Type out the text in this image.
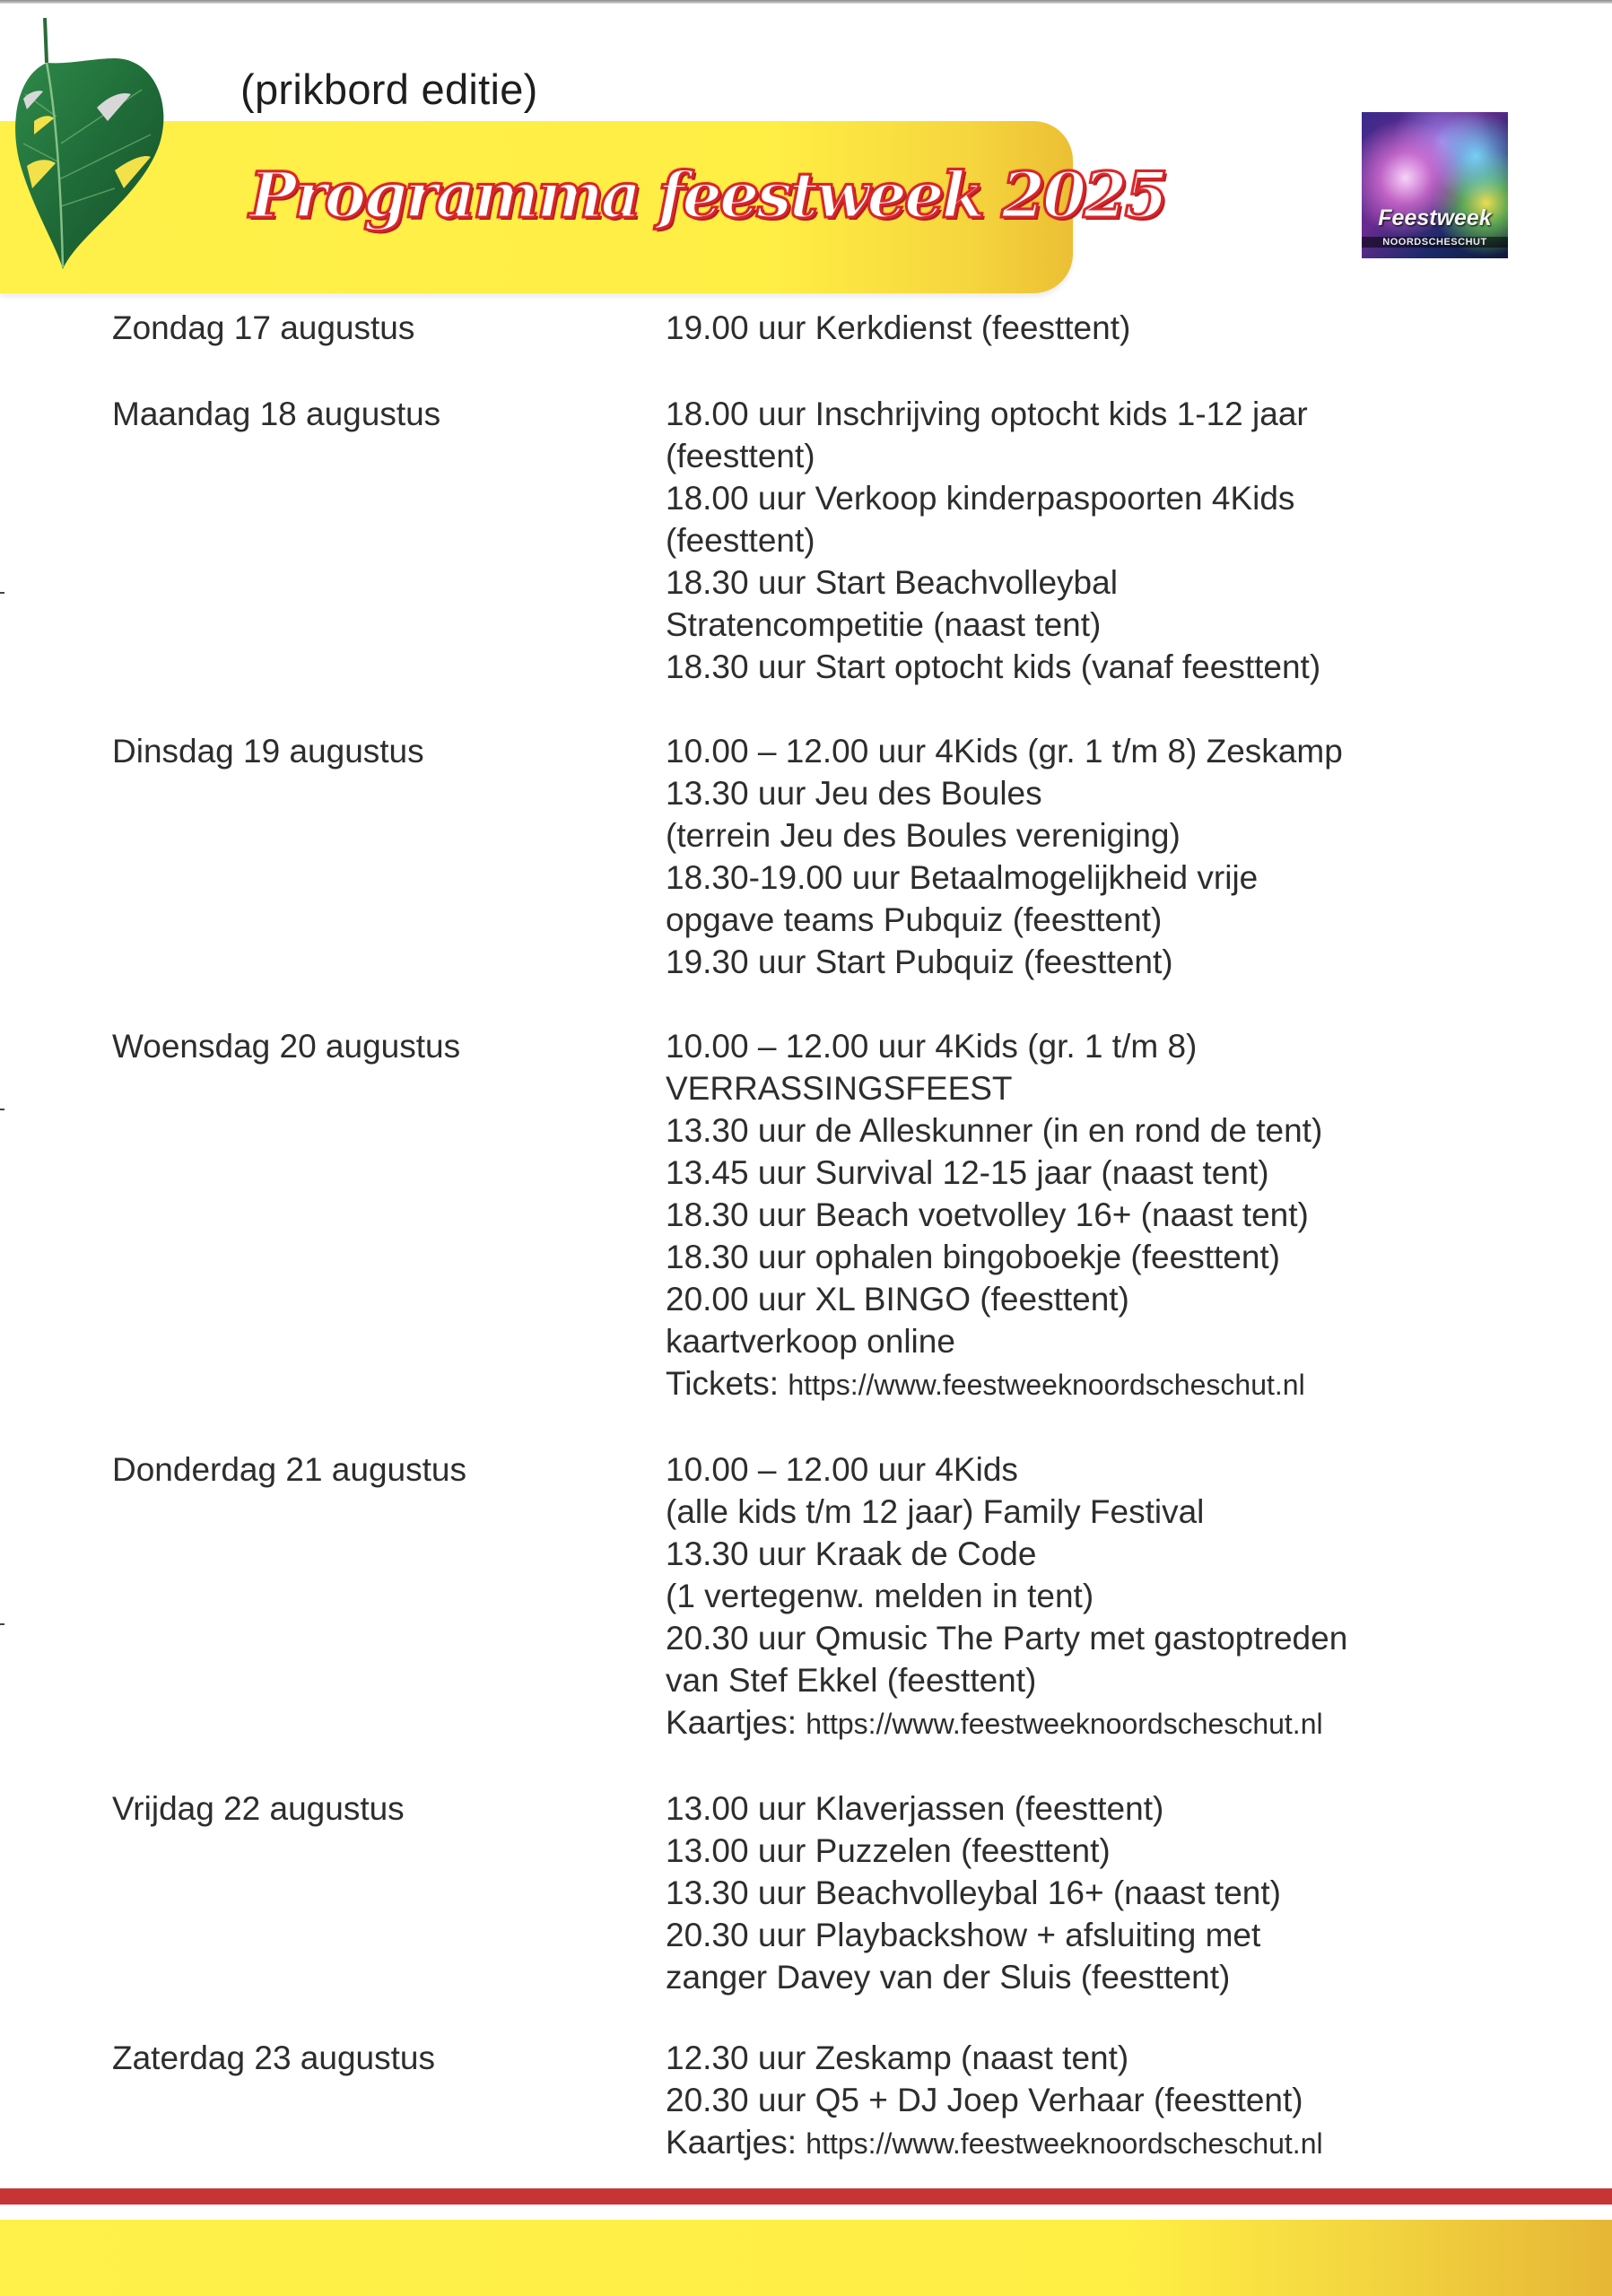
(prikbord editie)
Programma feestweek 2025	Feestweek
NOORDSCHESCHUT
Zondag 17 augustus	19.00 uur Kerkdienst (feesttent)
Maandag 18 augustus	18.00 uur Inschrijving optocht kids 1-12 jaar
(feesttent)
18.00 uur Verkoop kinderpaspoorten 4Kids
(feesttent)
18.30 uur Start Beachvolleybal
Stratencompetitie (naast tent)
18.30 uur Start optocht kids (vanaf feesttent)
Dinsdag 19 augustus	10.00 – 12.00 uur 4Kids (gr. 1 t/m 8) Zeskamp
13.30 uur Jeu des Boules
(terrein Jeu des Boules vereniging)
18.30-19.00 uur Betaalmogelijkheid vrije
opgave teams Pubquiz (feesttent)
19.30 uur Start Pubquiz (feesttent)
Woensdag 20 augustus	10.00 – 12.00 uur 4Kids (gr. 1 t/m 8)
VERRASSINGSFEEST
13.30 uur de Alleskunner (in en rond de tent)
13.45 uur Survival 12-15 jaar (naast tent)
18.30 uur Beach voetvolley 16+ (naast tent)
18.30 uur ophalen bingoboekje (feesttent)
20.00 uur XL BINGO (feesttent)
kaartverkoop online
Tickets: https://www.feestweeknoordscheschut.nl
Donderdag 21 augustus	10.00 – 12.00 uur 4Kids
(alle kids t/m 12 jaar) Family Festival
13.30 uur Kraak de Code
(1 vertegenw. melden in tent)
20.30 uur Qmusic The Party met gastoptreden
van Stef Ekkel (feesttent)
Kaartjes: https://www.feestweeknoordscheschut.nl
Vrijdag 22 augustus	13.00 uur Klaverjassen (feesttent)
13.00 uur Puzzelen (feesttent)
13.30 uur Beachvolleybal 16+ (naast tent)
20.30 uur Playbackshow + afsluiting met
zanger Davey van der Sluis (feesttent)
Zaterdag 23 augustus	12.30 uur Zeskamp (naast tent)
20.30 uur Q5 + DJ Joep Verhaar (feesttent)
Kaartjes: https://www.feestweeknoordscheschut.nl
